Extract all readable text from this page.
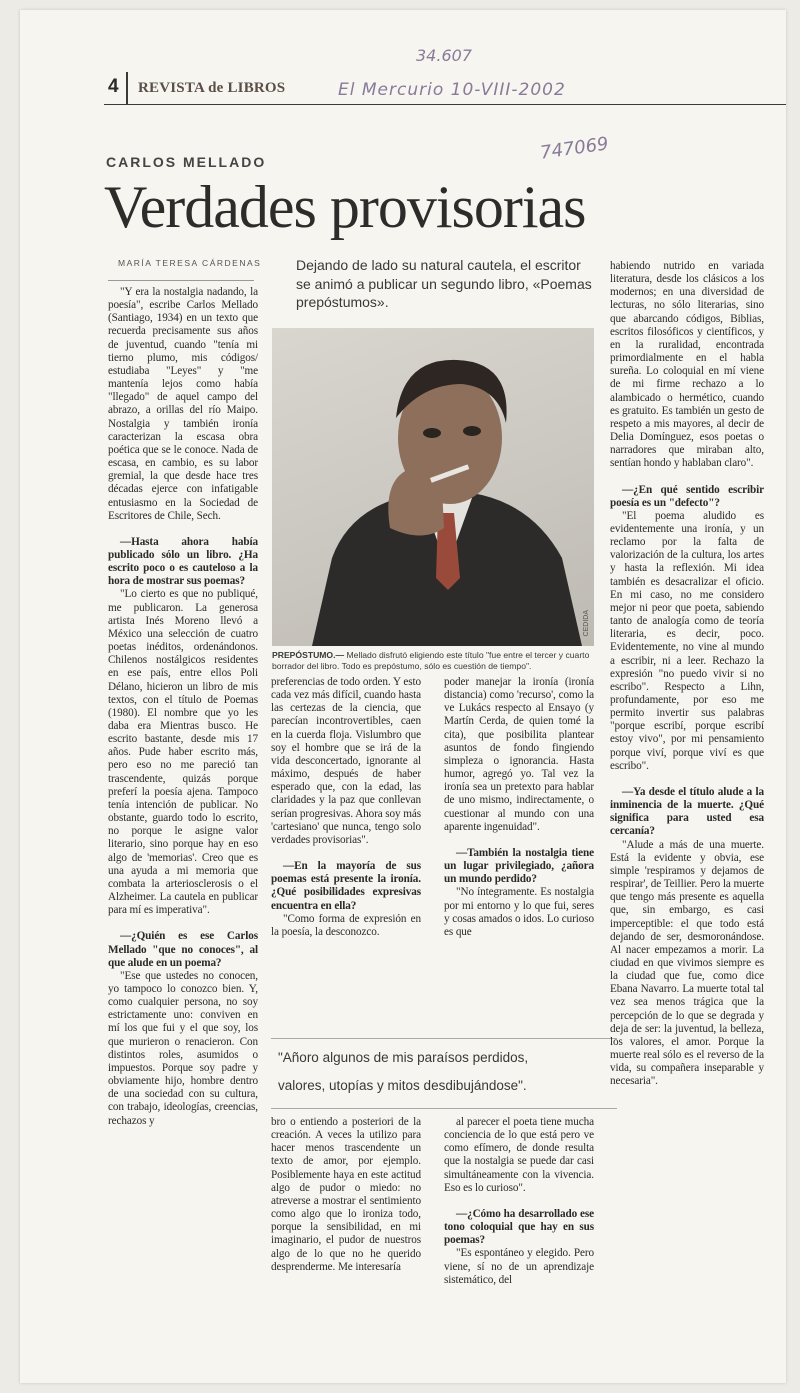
4 REVISTA de LIBROS
34.607
El Mercurio 10-VIII-2002
747069
CARLOS MELLADO
Verdades provisorias
MARÍA TERESA CÁRDENAS Dejando de lado su natural cautela, el escritor se animó a publicar un segundo libro, «Poemas prepóstumos».
CEDIDA
PREPÓSTUMO.— Mellado disfrutó eligiendo este título "fue entre el tercer y cuarto borrador del libro. Todo es prepóstumo, sólo es cuestión de tiempo".

"Y era la nostalgia nadando, la poesía", escribe Carlos Mellado (Santiago, 1934) en un texto que recuerda precisamente sus años de juventud, cuando "tenía mi tierno plumo, mis códigos/ estudiaba "Leyes" y "me mantenía lejos como había "llegado" de aquel campo del abrazo, a orillas del río Maipo. Nostalgia y también ironía caracterizan la escasa obra poética que se le conoce. Nada de escasa, en cambio, es su labor gremial, la que desde hace tres décadas ejerce con infatigable entusiasmo en la Sociedad de Escritores de Chile, Sech.

—Hasta ahora había publicado sólo un libro. ¿Ha escrito poco o es cauteloso a la hora de mostrar sus poemas?

"Lo cierto es que no publiqué, me publicaron. La generosa artista Inés Moreno llevó a México una selección de cuatro poetas inéditos, ordenándonos. Chilenos nostálgicos residentes en ese país, entre ellos Poli Délano, hicieron un libro de mis textos, con el título de Poemas (1980). El nombre que yo les daba era Mientras busco. He escrito bastante, desde mis 17 años. Pude haber escrito más, pero eso no me pareció tan trascendente, quizás porque preferí la poesía ajena. Tampoco tenía intención de publicar. No obstante, guardo todo lo escrito, no porque le asigne valor literario, sino porque hay en eso algo de 'memorias'. Creo que es una ayuda a mi memoria que combata la arteriosclerosis o el Alzheimer. La cautela en publicar para mí es imperativa".

—¿Quién es ese Carlos Mellado "que no conoces", al que alude en un poema?

"Ese que ustedes no conocen, yo tampoco lo conozco bien. Y, como cualquier persona, no soy estrictamente uno: conviven en mí los que fui y el que soy, los que murieron o renacieron. Con distintos roles, asumidos o impuestos. Porque soy padre y obviamente hijo, hombre dentro de una sociedad con su cultura, con trabajo, ideologías, creencias, rechazos y

preferencias de todo orden. Y esto cada vez más difícil, cuando hasta las certezas de la ciencia, que parecían incontrovertibles, caen en la cuerda floja. Vislumbro que soy el hombre que se irá de la vida desconcertado, ignorante al máximo, después de haber esperado que, con la edad, las claridades y la paz que conllevan serían progresivas. Ahora soy más 'cartesiano' que nunca, tengo solo verdades provisorias".

—En la mayoría de sus poemas está presente la ironía. ¿Qué posibilidades expresivas encuentra en ella?

"Como forma de expresión en la poesía, la desconozco.

poder manejar la ironía (ironía distancia) como 'recurso', como la ve Lukács respecto al Ensayo (y Martín Cerda, de quien tomé la cita), que posibilita plantear asuntos de fondo fingiendo simpleza o ignorancia. Hasta humor, agregó yo. Tal vez la ironía sea un pretexto para hablar de uno mismo, indirectamente, o cuestionar al mundo con una aparente ingenuidad".

—También la nostalgia tiene un lugar privilegiado, ¿añora un mundo perdido?

"No íntegramente. Es nostalgia por mi entorno y lo que fui, seres y cosas amados o idos. Lo curioso es que

"Añoro algunos de mis paraísos perdidos,
valores, utopías y mitos desdibujándose".

bro o entiendo a posteriori de la creación. A veces la utilizo para hacer menos trascendente un texto de amor, por ejemplo. Posiblemente haya en este actitud algo de pudor o miedo: no atreverse a mostrar el sentimiento como algo que lo ironiza todo, porque la sensibilidad, en mi imaginario, el pudor de nuestros algo de lo que no he querido desprenderme. Me interesaría

al parecer el poeta tiene mucha conciencia de lo que está pero ve como efímero, de donde resulta que la nostalgia se puede dar casi simultáneamente con la vivencia. Eso es lo curioso".

—¿Cómo ha desarrollado ese tono coloquial que hay en sus poemas?

"Es espontáneo y elegido. Pero viene, sí no de un aprendizaje sistemático, del

habiendo nutrido en variada literatura, desde los clásicos a los modernos; en una diversidad de lecturas, no sólo literarias, sino que abarcando códigos, Biblias, escritos filosóficos y científicos, y en la ruralidad, encontrada primordialmente en el habla sureña. Lo coloquial en mí viene de mi firme rechazo a lo alambicado o hermético, cuando es gratuito. Es también un gesto de respeto a mis mayores, al decir de Delia Domínguez, esos poetas o narradores que miraban alto, sentían hondo y hablaban claro".

—¿En qué sentido escribir poesía es un "defecto"?

"El poema aludido es evidentemente una ironía, y un reclamo por la falta de valorización de la cultura, los artes y hasta la reflexión. Mi idea también es desacralizar el oficio. En mi caso, no me considero mejor ni peor que poeta, sabiendo tanto de analogía como de teoría literaria, es decir, poco. Evidentemente, no vine al mundo a escribir, ni a leer. Rechazo la expresión "no puedo vivir si no escribo". Respecto a Lihn, profundamente, por eso me permito invertir sus palabras "porque escribí, porque escribí estoy vivo", por mi pensamiento porque viví, porque viví es que escribo".

—Ya desde el título alude a la inminencia de la muerte. ¿Qué significa para usted esa cercanía?

"Alude a más de una muerte. Está la evidente y obvia, ese simple 'respiramos y dejamos de respirar', de Teillier. Pero la muerte que tengo más presente es aquella que, sin embargo, es casi imperceptible: el que todo está dejando de ser, desmoronándose. Al nacer empezamos a morir. La ciudad en que vivimos siempre es la ciudad que fue, como dice Ebana Navarro. La muerte total tal vez sea menos trágica que la percepción de lo que se degrada y deja de ser: la juventud, la belleza, los valores, el amor. Porque la muerte real sólo es el reverso de la vida, su compañera inseparable y necesaria".
